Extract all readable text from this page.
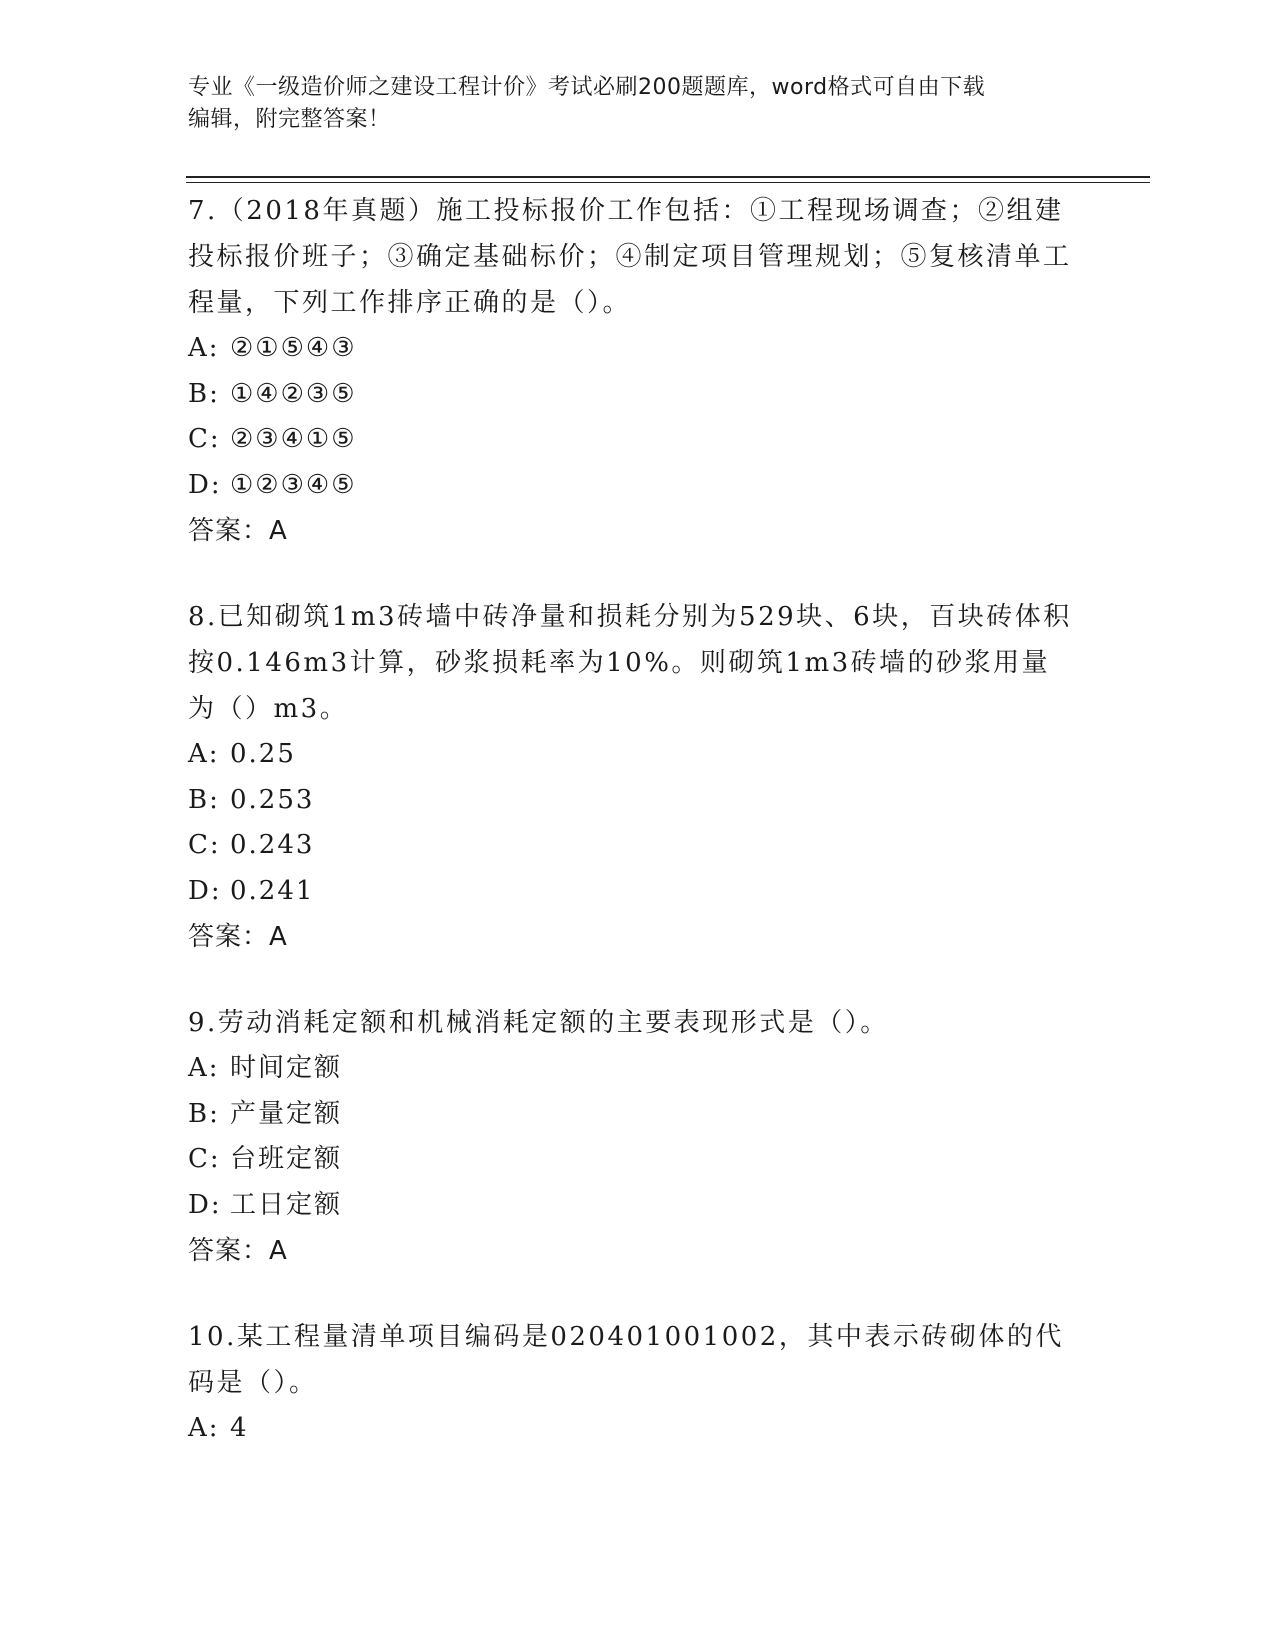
专业《一级造价师之建设工程计价》考试必刷200题题库，word格式可自由下载
编辑，附完整答案！

7.（2018年真题）施工投标报价工作包括：①工程现场调查；②组建投标报价班子；③确定基础标价；④制定项目管理规划；⑤复核清单工程量，下列工作排序正确的是（）。

A: ②①⑤④③
B: ①④②③⑤
C: ②③④①⑤
D: ①②③④⑤

答案：A

8.已知砌筑1m3砖墙中砖净量和损耗分别为529块、6块，百块砖体积按0.146m3计算，砂浆损耗率为10%。则砌筑1m3砖墙的砂浆用量为（）m3。

A: 0.25
B: 0.253
C: 0.243
D: 0.241

答案：A

9.劳动消耗定额和机械消耗定额的主要表现形式是（）。

A: 时间定额
B: 产量定额
C: 台班定额
D: 工日定额

答案：A

10.某工程量清单项目编码是020401001002，其中表示砖砌体的代码是（）。

A: 4
